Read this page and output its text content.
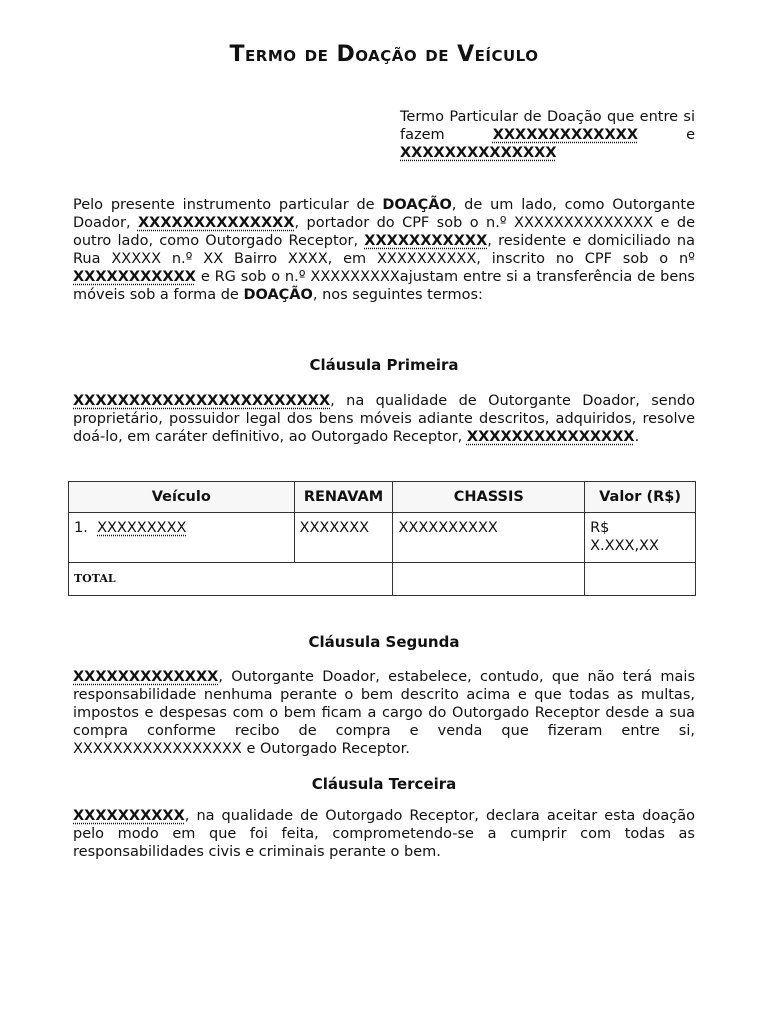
Termo de Doação de Veículo
Termo Particular de Doação que entre si fazem XXXXXXXXXXXXX e XXXXXXXXXXXXXX
Pelo presente instrumento particular de DOAÇÃO, de um lado, como Outorgante Doador, XXXXXXXXXXXXXX, portador do CPF sob o n.º XXXXXXXXXXXXXX e de outro lado, como Outorgado Receptor, XXXXXXXXXXX, residente e domiciliado na Rua XXXXX n.º XX Bairro XXXX, em XXXXXXXXXX, inscrito no CPF sob o nº XXXXXXXXXXX e RG sob o n.º XXXXXXXXXajustam entre si a transferência de bens móveis sob a forma de DOAÇÃO, nos seguintes termos:
Cláusula Primeira
XXXXXXXXXXXXXXXXXXXXXXX, na qualidade de Outorgante Doador, sendo proprietário, possuidor legal dos bens móveis adiante descritos, adquiridos, resolve doá-lo, em caráter definitivo, ao Outorgado Receptor, XXXXXXXXXXXXXXX.
Veículo	RENAVAM	CHASSIS	Valor (R$)
1. XXXXXXXXX	XXXXXXX	XXXXXXXXXX	R$
X.XXX,XX

TOTAL			
Cláusula Segunda
XXXXXXXXXXXXX, Outorgante Doador, estabelece, contudo, que não terá mais responsabilidade nenhuma perante o bem descrito acima e que todas as multas, impostos e despesas com o bem ficam a cargo do Outorgado Receptor desde a sua compra conforme recibo de compra e venda que fizeram entre si, XXXXXXXXXXXXXXXXX e Outorgado Receptor.
Cláusula Terceira
XXXXXXXXXX, na qualidade de Outorgado Receptor, declara aceitar esta doação pelo modo em que foi feita, comprometendo-se a cumprir com todas as responsabilidades civis e criminais perante o bem.
